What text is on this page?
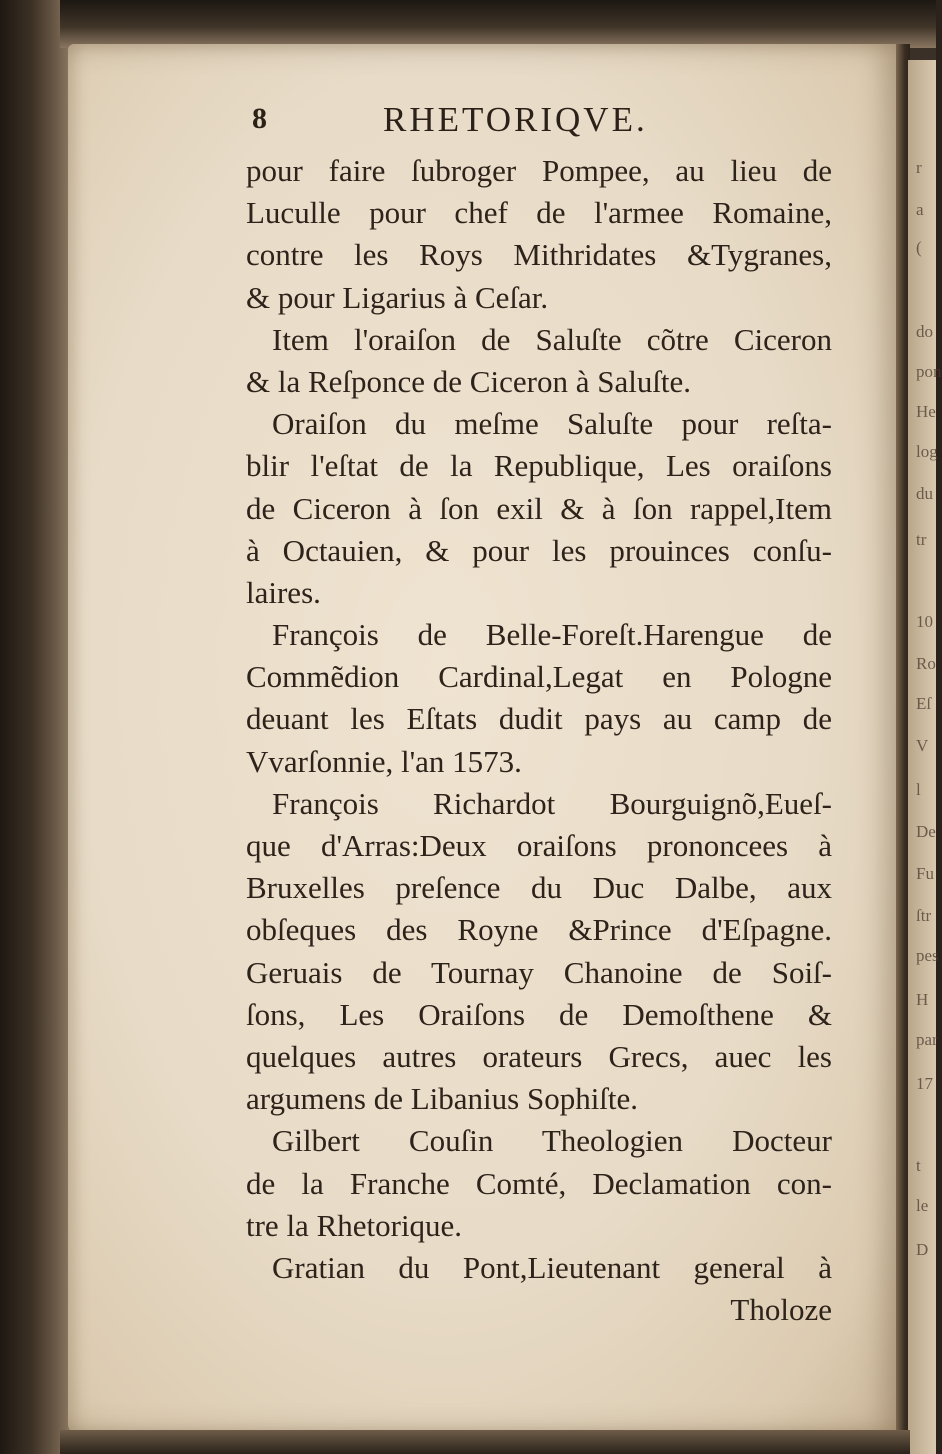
r
a
(
do
pon
He
log
du
tr
10
Ro
Eſ
V
l
De
Fu
ſtr
pes
H
par
17
t
le
D
8	RHETORIQVE.
pour faire ſubroger Pompee, au lieu de
Luculle pour chef de l'armee Romaine,
contre les Roys Mithridates &Tygranes,
& pour Ligarius à Ceſar.
Item l'oraiſon de Saluſte cõtre Ciceron
& la Reſponce de Ciceron à Saluſte.
Oraiſon du meſme Saluſte pour reſta-
blir l'eſtat de la Republique, Les oraiſons
de Ciceron à ſon exil & à ſon rappel,Item
à Octauien, & pour les prouinces conſu-
laires.
François de Belle-Foreſt.Harengue de
Commẽdion Cardinal,Legat en Pologne
deuant les Eſtats dudit pays au camp de
Vvarſonnie, l'an 1573.
François Richardot Bourguignõ,Eueſ-
que d'Arras:Deux oraiſons prononcees à
Bruxelles preſence du Duc Dalbe, aux
obſeques des Royne &Prince d'Eſpagne.
Geruais de Tournay Chanoine de Soiſ-
ſons, Les Oraiſons de Demoſthene &
quelques autres orateurs Grecs, auec les
argumens de Libanius Sophiſte.
Gilbert Couſin Theologien Docteur
de la Franche Comté, Declamation con-
tre la Rhetorique.
Gratian du Pont,Lieutenant general à
Tholoze
